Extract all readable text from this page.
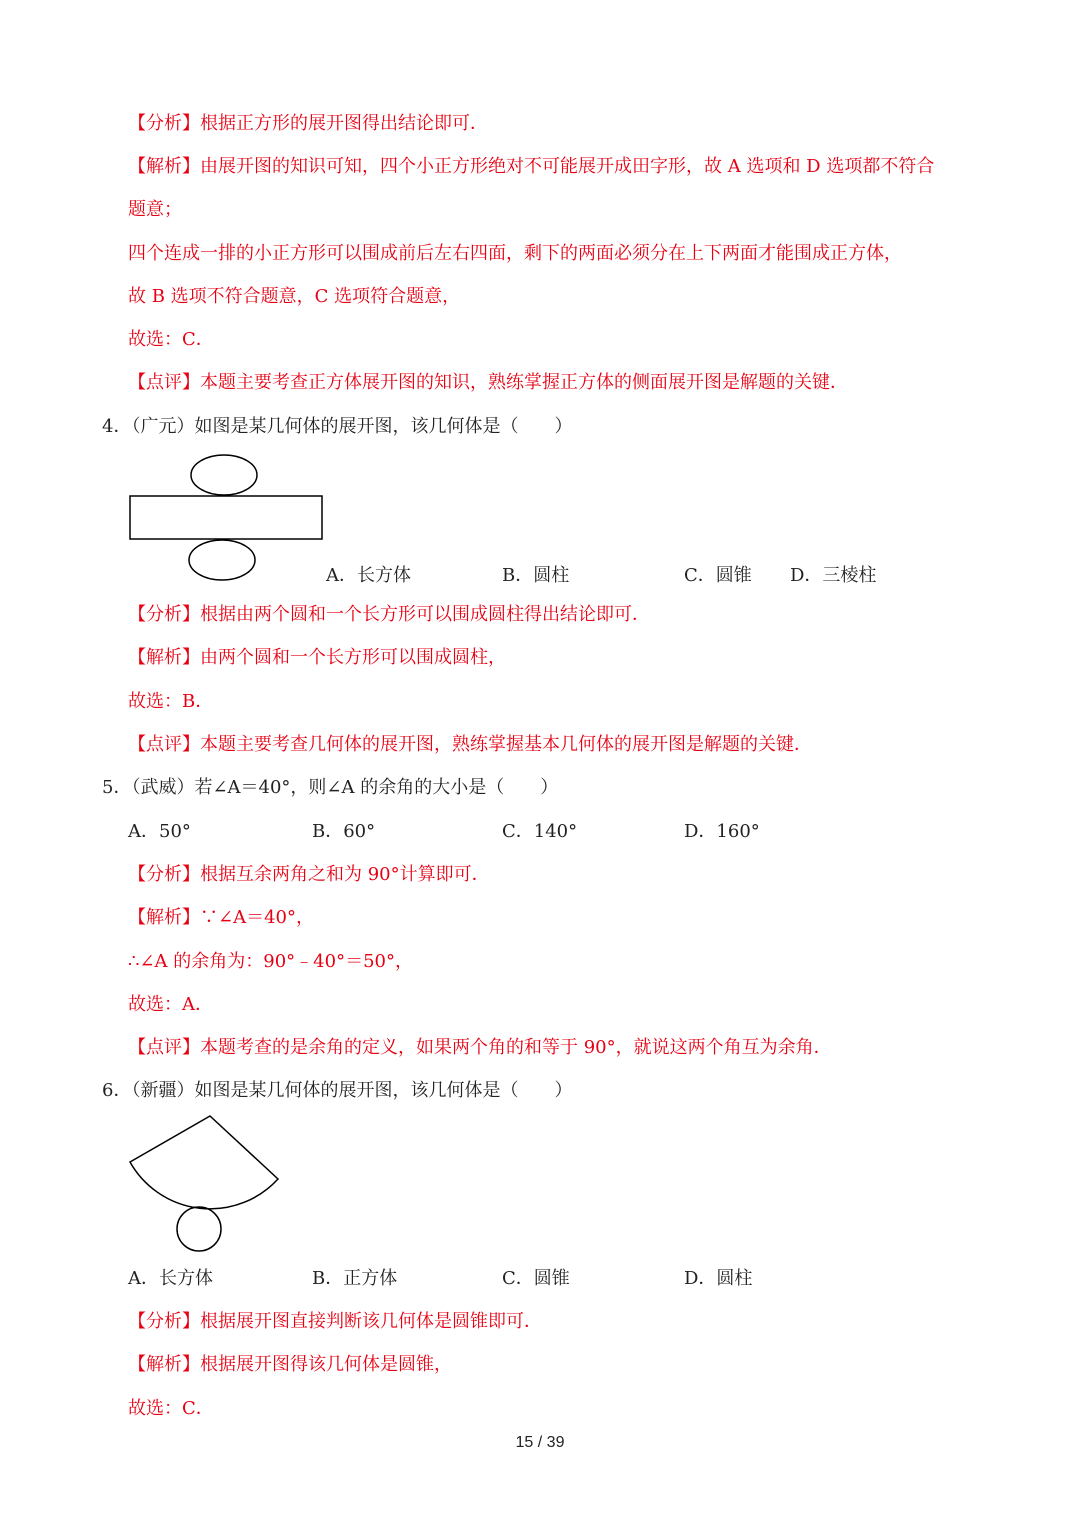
【分析】根据正方形的展开图得出结论即可．
【解析】由展开图的知识可知，四个小正方形绝对不可能展开成田字形，故 A 选项和 D 选项都不符合
题意；
四个连成一排的小正方形可以围成前后左右四面，剩下的两面必须分在上下两面才能围成正方体，
故 B 选项不符合题意，C 选项符合题意，
故选：C．
【点评】本题主要考查正方体展开图的知识，熟练掌握正方体的侧面展开图是解题的关键．
4．（广元）如图是某几何体的展开图，该几何体是（　　）
A．长方体	B．圆柱	C．圆锥 D．三棱柱
【分析】根据由两个圆和一个长方形可以围成圆柱得出结论即可．
【解析】由两个圆和一个长方形可以围成圆柱，
故选：B．
【点评】本题主要考查几何体的展开图，熟练掌握基本几何体的展开图是解题的关键．
5．（武威）若∠A＝40°，则∠A 的余角的大小是（　　）
A．50°	B．60°	C．140°	D．160°
【分析】根据互余两角之和为 90°计算即可．
【解析】∵∠A＝40°，
∴∠A 的余角为：90°﹣40°＝50°，
故选：A．
【点评】本题考查的是余角的定义，如果两个角的和等于 90°，就说这两个角互为余角．
6．（新疆）如图是某几何体的展开图，该几何体是（　　）
A．长方体	B．正方体	C．圆锥	D．圆柱
【分析】根据展开图直接判断该几何体是圆锥即可．
【解析】根据展开图得该几何体是圆锥，
故选：C．
15 / 39
